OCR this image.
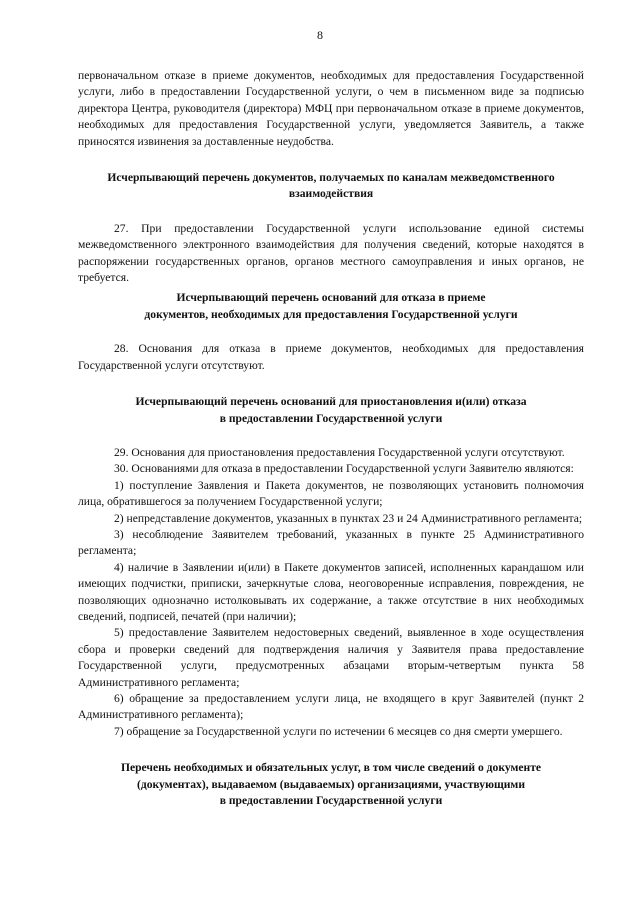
8

первоначальном отказе в приеме документов, необходимых для предоставления Государственной услуги, либо в предоставлении Государственной услуги, о чем в письменном виде за подписью директора Центра, руководителя (директора) МФЦ при первоначальном отказе в приеме документов, необходимых для предоставления Государственной услуги, уведомляется Заявитель, а также приносятся извинения за доставленные неудобства.

Исчерпывающий перечень документов, получаемых по каналам межведомственного
взаимодействия

27. При предоставлении Государственной услуги использование единой системы межведомственного электронного взаимодействия для получения сведений, которые находятся в распоряжении государственных органов, органов местного самоуправления и иных органов, не требуется.

Исчерпывающий перечень оснований для отказа в приеме
документов, необходимых для предоставления Государственной услуги

28. Основания для отказа в приеме документов, необходимых для предоставления Государственной услуги отсутствуют.

Исчерпывающий перечень оснований для приостановления и(или) отказа
в предоставлении Государственной услуги

29. Основания для приостановления предоставления Государственной услуги отсутствуют.

30. Основаниями для отказа в предоставлении Государственной услуги Заявителю являются:

1) поступление Заявления и Пакета документов, не позволяющих установить полномочия лица, обратившегося за получением Государственной услуги;

2) непредставление документов, указанных в пунктах 23 и 24 Административного регламента;

3) несоблюдение Заявителем требований, указанных в пункте 25 Административного регламента;

4) наличие в Заявлении и(или) в Пакете документов записей, исполненных карандашом или имеющих подчистки, приписки, зачеркнутые слова, неоговоренные исправления, повреждения, не позволяющих однозначно истолковывать их содержание, а также отсутствие в них необходимых сведений, подписей, печатей (при наличии);

5) предоставление Заявителем недостоверных сведений, выявленное в ходе осуществления сбора и проверки сведений для подтверждения наличия у Заявителя права предоставление Государственной услуги, предусмотренных абзацами вторым-четвертым пункта 58 Административного регламента;

6) обращение за предоставлением услуги лица, не входящего в круг Заявителей (пункт 2 Административного регламента);

7) обращение за Государственной услуги по истечении 6 месяцев со дня смерти умершего.

Перечень необходимых и обязательных услуг, в том числе сведений о документе
(документах), выдаваемом (выдаваемых) организациями, участвующими
в предоставлении Государственной услуги
